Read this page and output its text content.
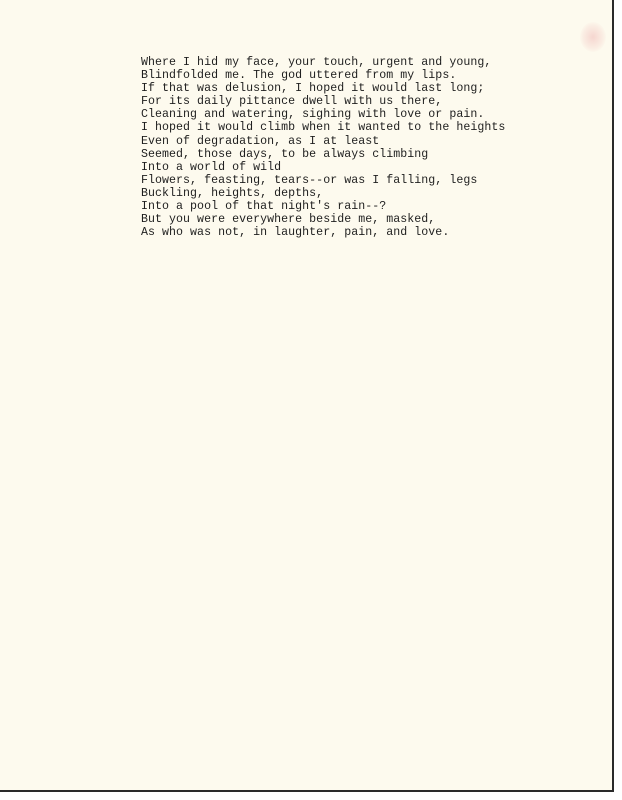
Where I hid my face, your touch, urgent and young,
Blindfolded me. The god uttered from my lips.
If that was delusion, I hoped it would last long;
For its daily pittance dwell with us there,
Cleaning and watering, sighing with love or pain.
I hoped it would climb when it wanted to the heights
Even of degradation, as I at least
Seemed, those days, to be always climbing
Into a world of wild
Flowers, feasting, tears--or was I falling, legs
Buckling, heights, depths,
Into a pool of that night's rain--?
But you were everywhere beside me, masked,
As who was not, in laughter, pain, and love.
